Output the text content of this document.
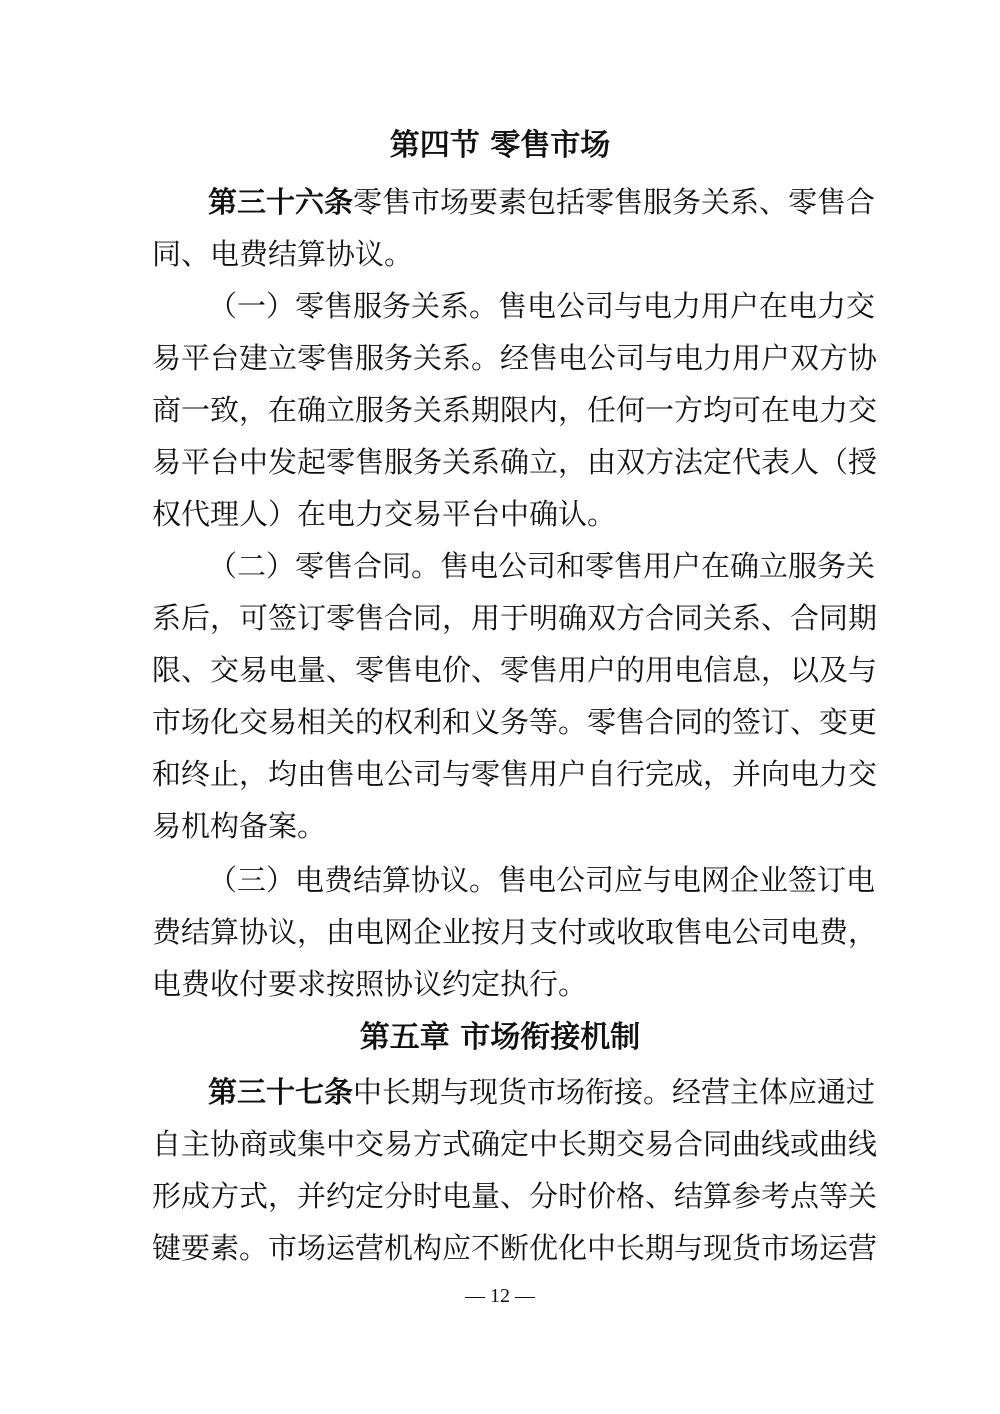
第四节 零售市场
第三十六条零售市场要素包括零售服务关系、零售合
同、电费结算协议。
（一）零售服务关系。售电公司与电力用户在电力交
易平台建立零售服务关系。经售电公司与电力用户双方协
商一致，在确立服务关系期限内，任何一方均可在电力交
易平台中发起零售服务关系确立，由双方法定代表人（授
权代理人）在电力交易平台中确认。
（二）零售合同。售电公司和零售用户在确立服务关
系后，可签订零售合同，用于明确双方合同关系、合同期
限、交易电量、零售电价、零售用户的用电信息，以及与
市场化交易相关的权利和义务等。零售合同的签订、变更
和终止，均由售电公司与零售用户自行完成，并向电力交
易机构备案。
（三）电费结算协议。售电公司应与电网企业签订电
费结算协议，由电网企业按月支付或收取售电公司电费，
电费收付要求按照协议约定执行。
第五章 市场衔接机制
第三十七条中长期与现货市场衔接。经营主体应通过
自主协商或集中交易方式确定中长期交易合同曲线或曲线
形成方式，并约定分时电量、分时价格、结算参考点等关
键要素。市场运营机构应不断优化中长期与现货市场运营
— 12 —
